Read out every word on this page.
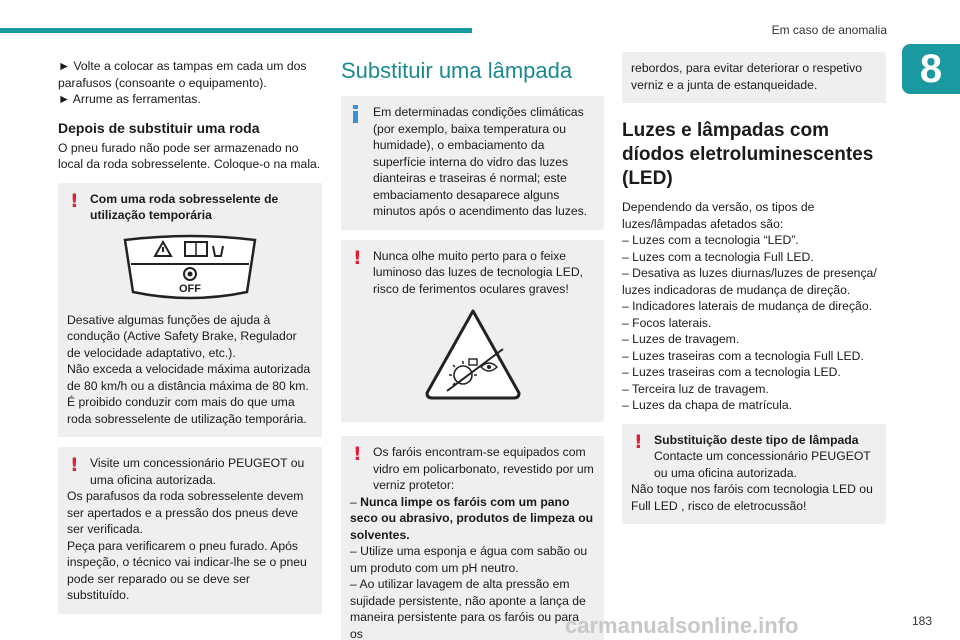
Em caso de anomalia
8
► Volte a colocar as tampas em cada um dos parafusos (consoante o equipamento).
► Arrume as ferramentas.
Depois de substituir uma roda
O pneu furado não pode ser armazenado no local da roda sobresselente. Coloque-o na mala.
! Com uma roda sobresselente de utilização temporária
OFF
Desative algumas funções de ajuda à condução (Active Safety Brake, Regulador de velocidade adaptativo, etc.).
Não exceda a velocidade máxima autorizada de 80 km/h ou a distância máxima de 80 km.
É proibido conduzir com mais do que uma roda sobresselente de utilização temporária.
! Visite um concessionário PEUGEOT ou uma oficina autorizada.
Os parafusos da roda sobresselente devem ser apertados e a pressão dos pneus deve ser verificada.
Peça para verificarem o pneu furado. Após inspeção, o técnico vai indicar-lhe se o pneu pode ser reparado ou se deve ser substituído.
Substituir uma lâmpada
Em determinadas condições climáticas (por exemplo, baixa temperatura ou humidade), o embaciamento da superfície interna do vidro das luzes dianteiras e traseiras é normal; este embaciamento desaparece alguns minutos após o acendimento das luzes.
! Nunca olhe muito perto para o feixe luminoso das luzes de tecnologia LED, risco de ferimentos oculares graves!
! Os faróis encontram-se equipados com vidro em policarbonato, revestido por um verniz protetor:
– Nunca limpe os faróis com um pano seco ou abrasivo, produtos de limpeza ou solventes.
– Utilize uma esponja e água com sabão ou um produto com um pH neutro.
– Ao utilizar lavagem de alta pressão em sujidade persistente, não aponte a lança de maneira persistente para os faróis ou para os
rebordos, para evitar deteriorar o respetivo verniz e a junta de estanqueidade.
Luzes e lâmpadas com díodos eletroluminescentes (LED)
Dependendo da versão, os tipos de luzes/lâmpadas afetados são:
– Luzes com a tecnologia “LED”.
– Luzes com a tecnologia Full LED.
– Desativa as luzes diurnas/luzes de presença/ luzes indicadoras de mudança de direção.
– Indicadores laterais de mudança de direção.
– Focos laterais.
– Luzes de travagem.
– Luzes traseiras com a tecnologia Full LED.
– Luzes traseiras com a tecnologia LED.
– Terceira luz de travagem.
– Luzes da chapa de matrícula.
! Substituição deste tipo de lâmpada
Contacte um concessionário PEUGEOT ou uma oficina autorizada.
Não toque nos faróis com tecnologia LED ou Full LED , risco de eletrocussão!
carmanualsonline.info	183
